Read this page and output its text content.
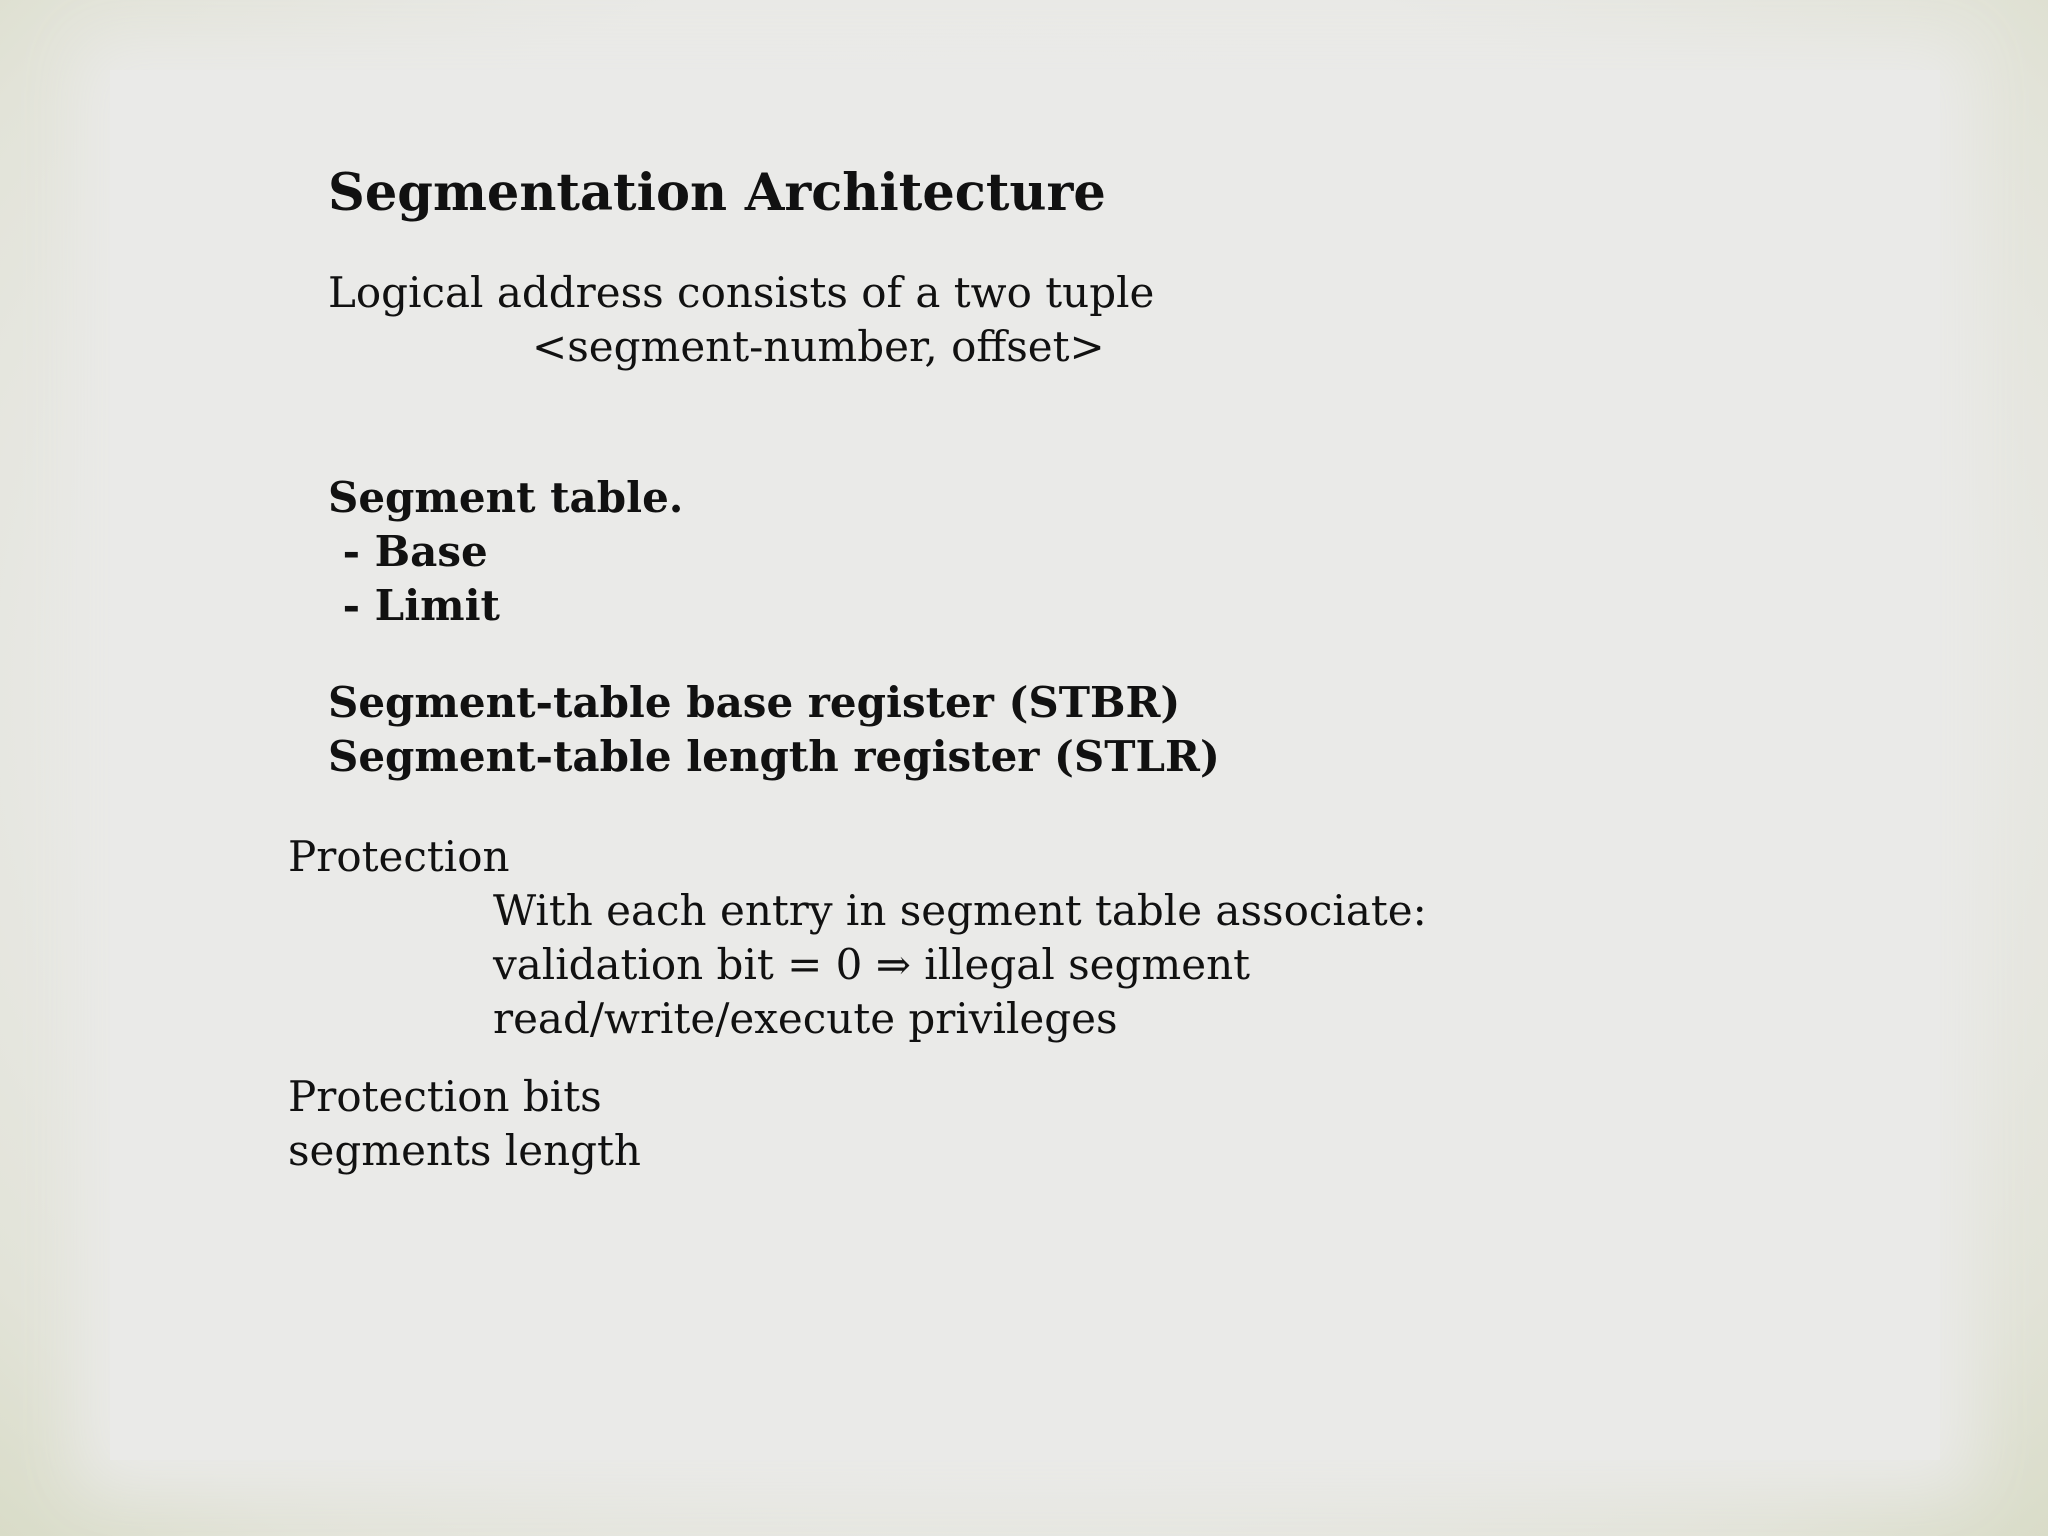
Segmentation Architecture
Logical address consists of a two tuple
<segment-number, offset>
Segment table.
- Base
- Limit
Segment-table base register (STBR)
Segment-table length register (STLR)
Protection
With each entry in segment table associate:
validation bit = 0 ⇒ illegal segment
read/write/execute privileges
Protection bits
segments length
